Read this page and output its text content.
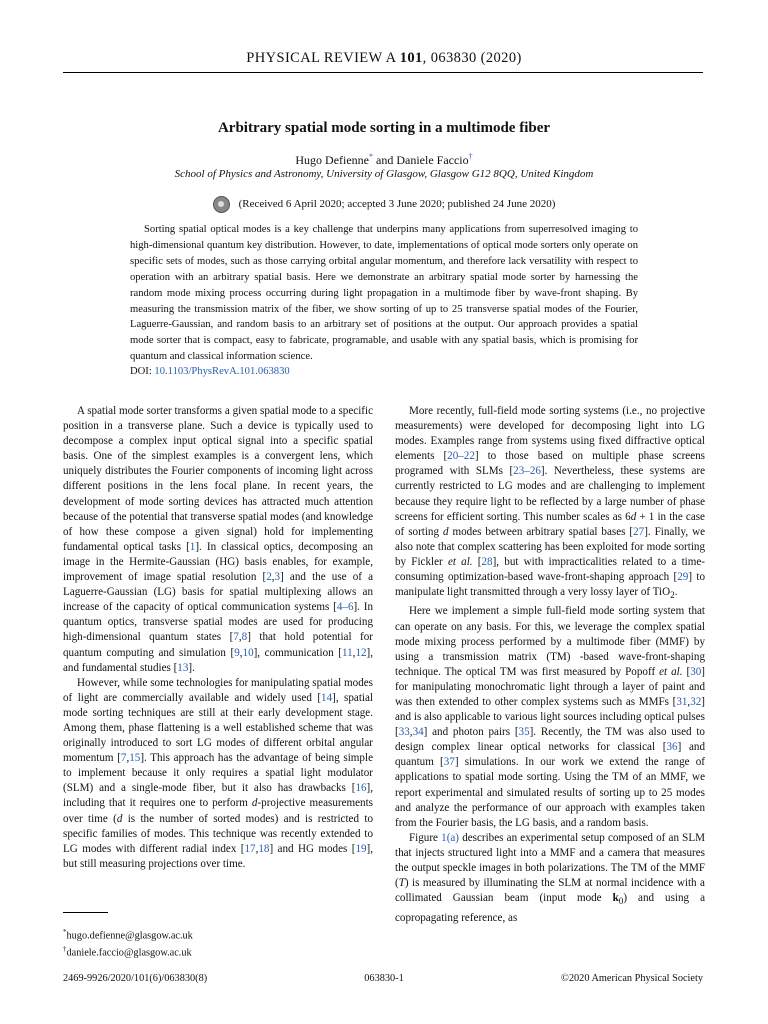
PHYSICAL REVIEW A 101, 063830 (2020)
Arbitrary spatial mode sorting in a multimode fiber
Hugo Defienne* and Daniele Faccio†
School of Physics and Astronomy, University of Glasgow, Glasgow G12 8QQ, United Kingdom
(Received 6 April 2020; accepted 3 June 2020; published 24 June 2020)
Sorting spatial optical modes is a key challenge that underpins many applications from superresolved imaging to high-dimensional quantum key distribution. However, to date, implementations of optical mode sorters only operate on specific sets of modes, such as those carrying orbital angular momentum, and therefore lack versatility with respect to operation with an arbitrary spatial basis. Here we demonstrate an arbitrary spatial mode sorter by harnessing the random mode mixing process occurring during light propagation in a multimode fiber by wave-front shaping. By measuring the transmission matrix of the fiber, we show sorting of up to 25 transverse spatial modes of the Fourier, Laguerre-Gaussian, and random basis to an arbitrary set of positions at the output. Our approach provides a spatial mode sorter that is compact, easy to fabricate, programable, and usable with any spatial basis, which is promising for quantum and classical information science.
DOI: 10.1103/PhysRevA.101.063830

A spatial mode sorter transforms a given spatial mode to a specific position in a transverse plane. Such a device is typically used to decompose a complex input optical signal into a specific spatial basis. One of the simplest examples is a convergent lens, which uniquely distributes the Fourier components of incoming light across different positions in the lens focal plane. In recent years, the development of mode sorting devices has attracted much attention because of the potential that transverse spatial modes (and knowledge of how these compose a given signal) hold for implementing fundamental optical tasks [1]. In classical optics, decomposing an image in the Hermite-Gaussian (HG) basis enables, for example, improvement of image spatial resolution [2,3] and the use of a Laguerre-Gaussian (LG) basis for spatial multiplexing allows an increase of the capacity of optical communication systems [4–6]. In quantum optics, transverse spatial modes are used for producing high-dimensional quantum states [7,8] that hold potential for quantum computing and simulation [9,10], communication [11,12], and fundamental studies [13].

However, while some technologies for manipulating spatial modes of light are commercially available and widely used [14], spatial mode sorting techniques are still at their early development stage. Among them, phase flattening is a well established scheme that was originally introduced to sort LG modes of different orbital angular momentum [7,15]. This approach has the advantage of being simple to implement because it only requires a spatial light modulator (SLM) and a single-mode fiber, but it also has drawbacks [16], including that it requires one to perform d-projective measurements over time (d is the number of sorted modes) and is restricted to specific families of modes. This technique was recently extended to LG modes with different radial index [17,18] and HG modes [19], but still measuring projections over time.

More recently, full-field mode sorting systems (i.e., no projective measurements) were developed for decomposing light into LG modes. Examples range from systems using fixed diffractive optical elements [20–22] to those based on multiple phase screens programed with SLMs [23–26]. Nevertheless, these systems are currently restricted to LG modes and are challenging to implement because they require light to be reflected by a large number of phase screens for efficient sorting. This number scales as 6d + 1 in the case of sorting d modes between arbitrary spatial bases [27]. Finally, we also note that complex scattering has been exploited for mode sorting by Fickler et al. [28], but with impracticalities related to a time-consuming optimization-based wave-front-shaping approach [29] to manipulate light transmitted through a very lossy layer of TiO$_2$.

Here we implement a simple full-field mode sorting system that can operate on any basis. For this, we leverage the complex spatial mode mixing process performed by a multimode fiber (MMF) by using a transmission matrix (TM) -based wave-front-shaping technique. The optical TM was first measured by Popoff et al. [30] for manipulating monochromatic light through a layer of paint and was then extended to other complex systems such as MMFs [31,32] and is also applicable to various light sources including optical pulses [33,34] and photon pairs [35]. Recently, the TM was also used to design complex linear optical networks for classical [36] and quantum [37] simulations. In our work we extend the range of applications to spatial mode sorting. Using the TM of an MMF, we report experimental and simulated results of sorting up to 25 modes and analyze the performance of our approach with examples taken from the Fourier basis, the LG basis, and a random basis.

Figure 1(a) describes an experimental setup composed of an SLM that injects structured light into a MMF and a camera that measures the output speckle images in both polarizations. The TM of the MMF (T) is measured by illuminating the SLM at normal incidence with a collimated Gaussian beam (input mode $k_0$) and using a copropagating reference, as

*hugo.defienne@glasgow.ac.uk
†daniele.faccio@glasgow.ac.uk
2469-9926/2020/101(6)/063830(8)	063830-1	©2020 American Physical Society
